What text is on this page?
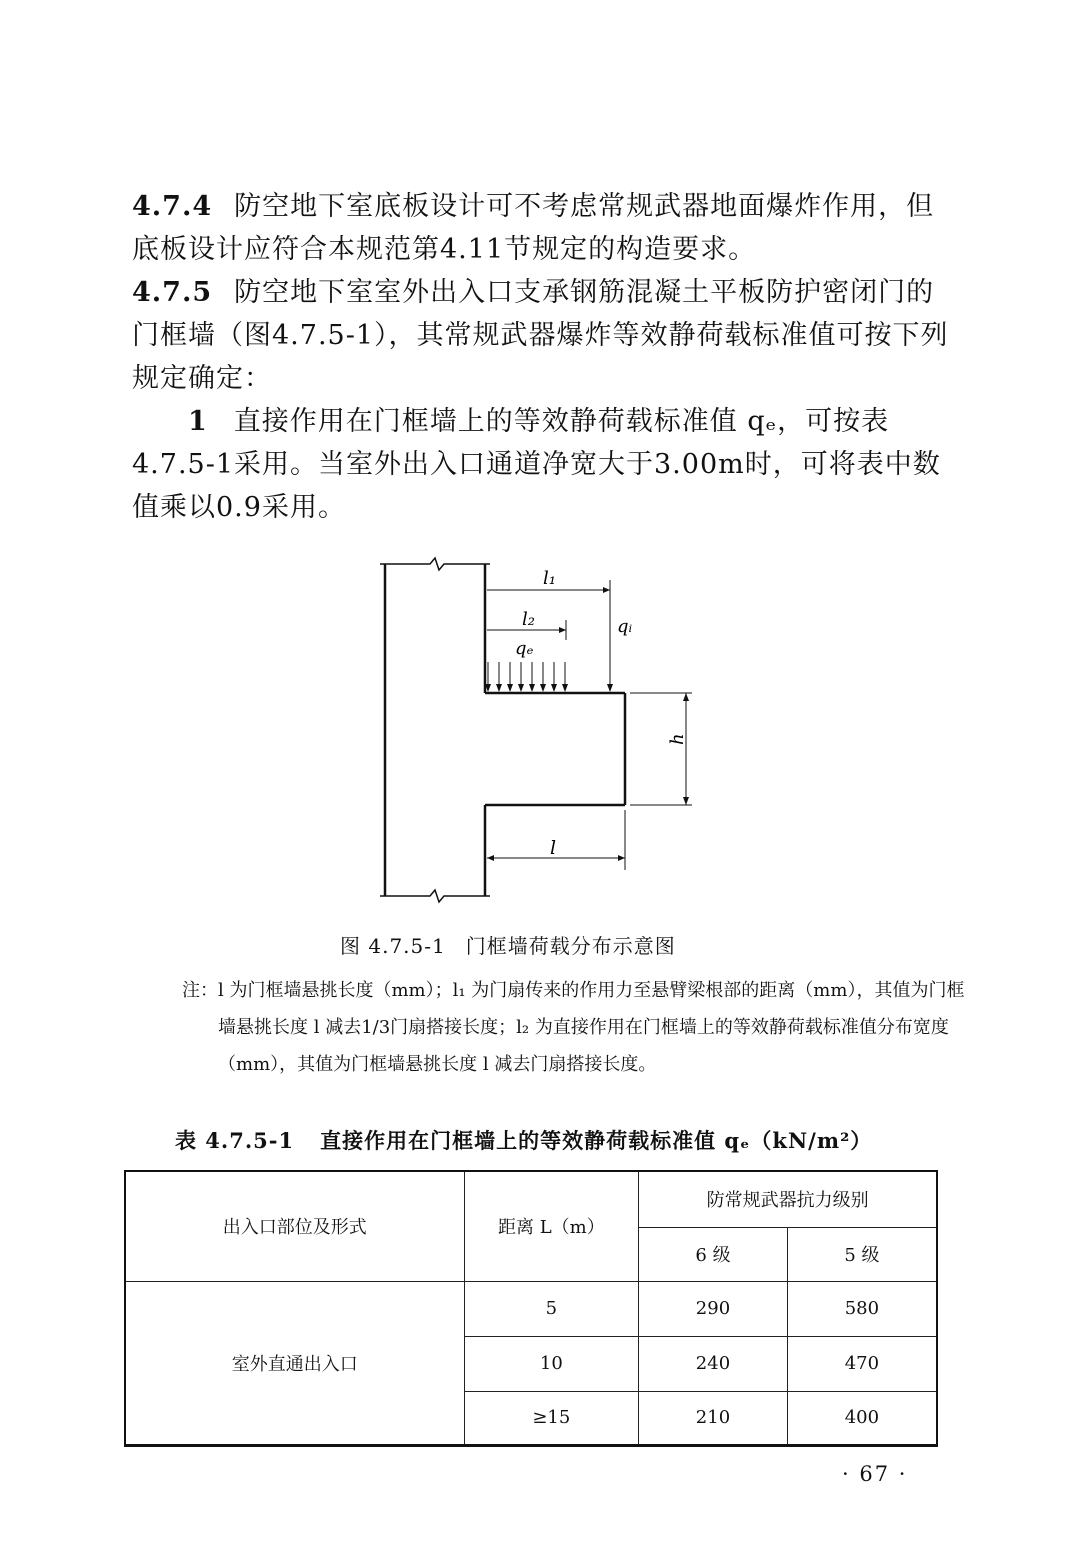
4.7.4 防空地下室底板设计可不考虑常规武器地面爆炸作用，但底板设计应符合本规范第4.11节规定的构造要求。

4.7.5 防空地下室室外出入口支承钢筋混凝土平板防护密闭门的门框墙（图4.7.5-1），其常规武器爆炸等效静荷载标准值可按下列规定确定：

1 直接作用在门框墙上的等效静荷载标准值 qₑ，可按表4.7.5-1采用。当室外出入口通道净宽大于3.00m时，可将表中数值乘以0.9采用。

l₁
l₂	qᵢ
qₑ
h
l
图 4.7.5-1 门框墙荷载分布示意图

注：l 为门框墙悬挑长度（mm）；l₁ 为门扇传来的作用力至悬臂梁根部的距离（mm），其值为门框墙悬挑长度 l 减去1/3门扇搭接长度；l₂ 为直接作用在门框墙上的等效静荷载标准值分布宽度（mm），其值为门框墙悬挑长度 l 减去门扇搭接长度。

表 4.7.5-1 直接作用在门框墙上的等效静荷载标准值 qₑ（kN/m²）
出入口部位及形式	距离 L（m）	防常规武器抗力级别	
		6 级	5 级
室外直通出入口	5	290	580
	10	240	470
	≥15	210	400
· 67 ·
